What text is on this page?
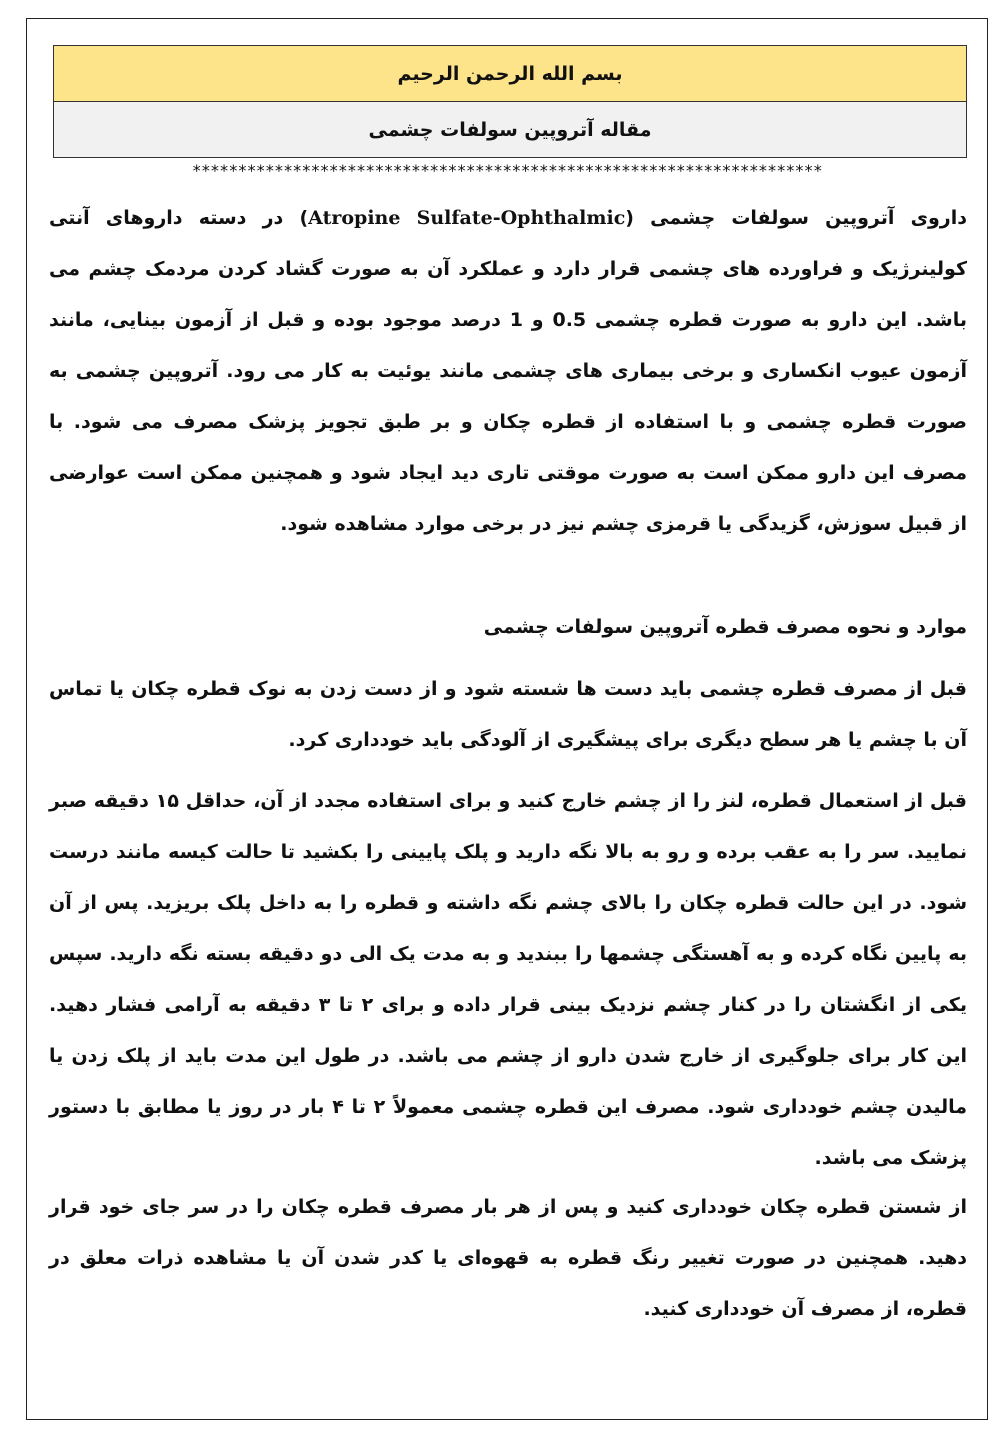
بسم الله الرحمن الرحیم
مقاله آتروپین سولفات چشمی
*********************************************************************

داروی آتروپین سولفات چشمی (Atropine Sulfate-Ophthalmic) در دسته داروهای آنتی کولینرژیک و فراورده های چشمی قرار دارد و عملکرد آن به صورت گشاد کردن مردمک چشم می باشد. این دارو به صورت قطره چشمی 0.5 و 1 درصد موجود بوده و قبل از آزمون بینایی، مانند آزمون عیوب انکساری و برخی بیماری های چشمی مانند یوئیت به کار می رود. آتروپین چشمی به صورت قطره چشمی و با استفاده از قطره چکان و بر طبق تجویز پزشک مصرف می شود. با مصرف این دارو ممکن است به صورت موقتی تاری دید ایجاد شود و همچنین ممکن است عوارضی از قبیل سوزش، گزیدگی یا قرمزی چشم نیز در برخی موارد مشاهده شود.

موارد و نحوه مصرف قطره آتروپین سولفات چشمی

قبل از مصرف قطره چشمی باید دست ها شسته شود و از دست زدن به نوک قطره چکان یا تماس آن با چشم یا هر سطح دیگری برای پیشگیری از آلودگی باید خودداری کرد.

قبل از استعمال قطره، لنز را از چشم خارج کنید و برای استفاده مجدد از آن، حداقل ۱۵ دقیقه صبر نمایید. سر را به عقب برده و رو به بالا نگه دارید و پلک پایینی را بکشید تا حالت کیسه مانند درست شود. در این حالت قطره چکان را بالای چشم نگه داشته و قطره را به داخل پلک بریزید. پس از آن به پایین نگاه کرده و به آهستگی چشمها را ببندید و به مدت یک الی دو دقیقه بسته نگه دارید. سپس یکی از انگشتان را در کنار چشم نزدیک بینی قرار داده و برای ۲ تا ۳ دقیقه به آرامی فشار دهید. این کار برای جلوگیری از خارج شدن دارو از چشم می باشد. در طول این مدت باید از پلک زدن یا مالیدن چشم خودداری شود. مصرف این قطره چشمی معمولاً ۲ تا ۴ بار در روز یا مطابق با دستور پزشک می باشد.

از شستن قطره چکان خودداری کنید و پس از هر بار مصرف قطره چکان را در سر جای خود قرار دهید. همچنین در صورت تغییر رنگ قطره به قهوه‌ای یا کدر شدن آن یا مشاهده ذرات معلق در قطره، از مصرف آن خودداری کنید.
